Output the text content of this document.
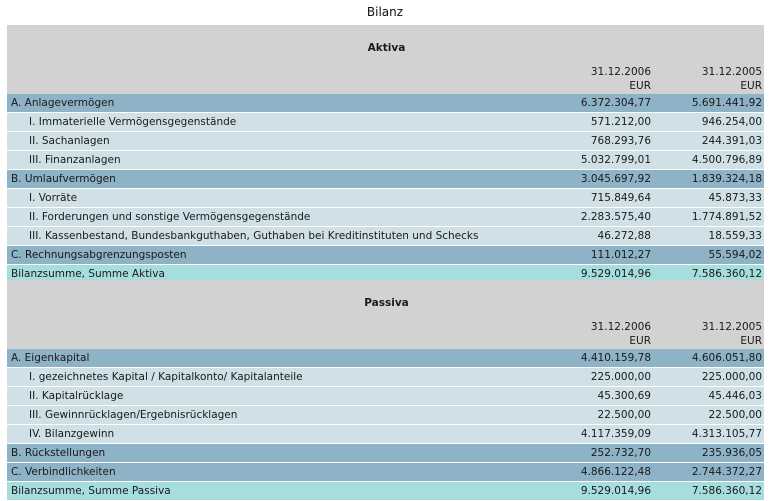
Bilanz

Aktiva		

	31.12.2006	31.12.2005
	EUR	EUR
A. Anlagevermögen	6.372.304,77	5.691.441,92
I. Immaterielle Vermögensgegenstände	571.212,00	946.254,00
II. Sachanlagen	768.293,76	244.391,03
III. Finanzanlagen	5.032.799,01	4.500.796,89
B. Umlaufvermögen	3.045.697,92	1.839.324,18
I. Vorräte	715.849,64	45.873,33
II. Forderungen und sonstige Vermögensgegenstände	2.283.575,40	1.774.891,52
III. Kassenbestand, Bundesbankguthaben, Guthaben bei Kreditinstituten und Schecks	46.272,88	18.559,33
C. Rechnungsabgrenzungsposten	111.012,27	55.594,02
Bilanzsumme, Summe Aktiva	9.529.014,96	7.586.360,12

Passiva		

	31.12.2006	31.12.2005
	EUR	EUR
A. Eigenkapital	4.410.159,78	4.606.051,80
I. gezeichnetes Kapital / Kapitalkonto/ Kapitalanteile	225.000,00	225.000,00
II. Kapitalrücklage	45.300,69	45.446,03
III. Gewinnrücklagen/Ergebnisrücklagen	22.500,00	22.500,00
IV. Bilanzgewinn	4.117.359,09	4.313.105,77
B. Rückstellungen	252.732,70	235.936,05
C. Verbindlichkeiten	4.866.122,48	2.744.372,27
Bilanzsumme, Summe Passiva	9.529.014,96	7.586.360,12
